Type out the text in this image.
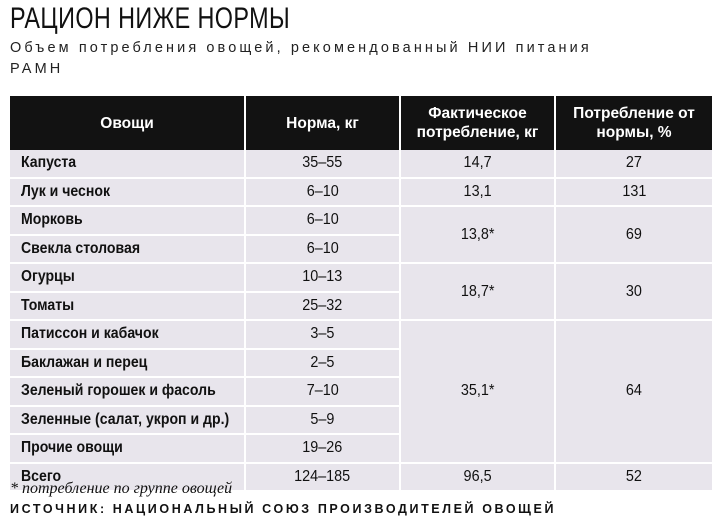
РАЦИОН НИЖЕ НОРМЫ
Объем потребления овощей, рекомендованный НИИ питания РАМН
Овощи	Норма, кг	Фактическое потребление, кг	Потребление от нормы, %
Капуста	35–55	14,7	27
Лук и чеснок	6–10	13,1	131
Морковь	6–10	13,8*	69
Свекла столовая	6–10		
Огурцы	10–13	18,7*	30
Томаты	25–32		
Патиссон и кабачок	3–5	35,1*	64
Баклажан и перец	2–5		
Зеленый горошек и фасоль	7–10		
Зеленные (салат, укроп и др.)	5–9		
Прочие овощи	19–26		
Всего	124–185	96,5	52
* потребление по группе овощей
ИСТОЧНИК: НАЦИОНАЛЬНЫЙ СОЮЗ ПРОИЗВОДИТЕЛЕЙ ОВОЩЕЙ
